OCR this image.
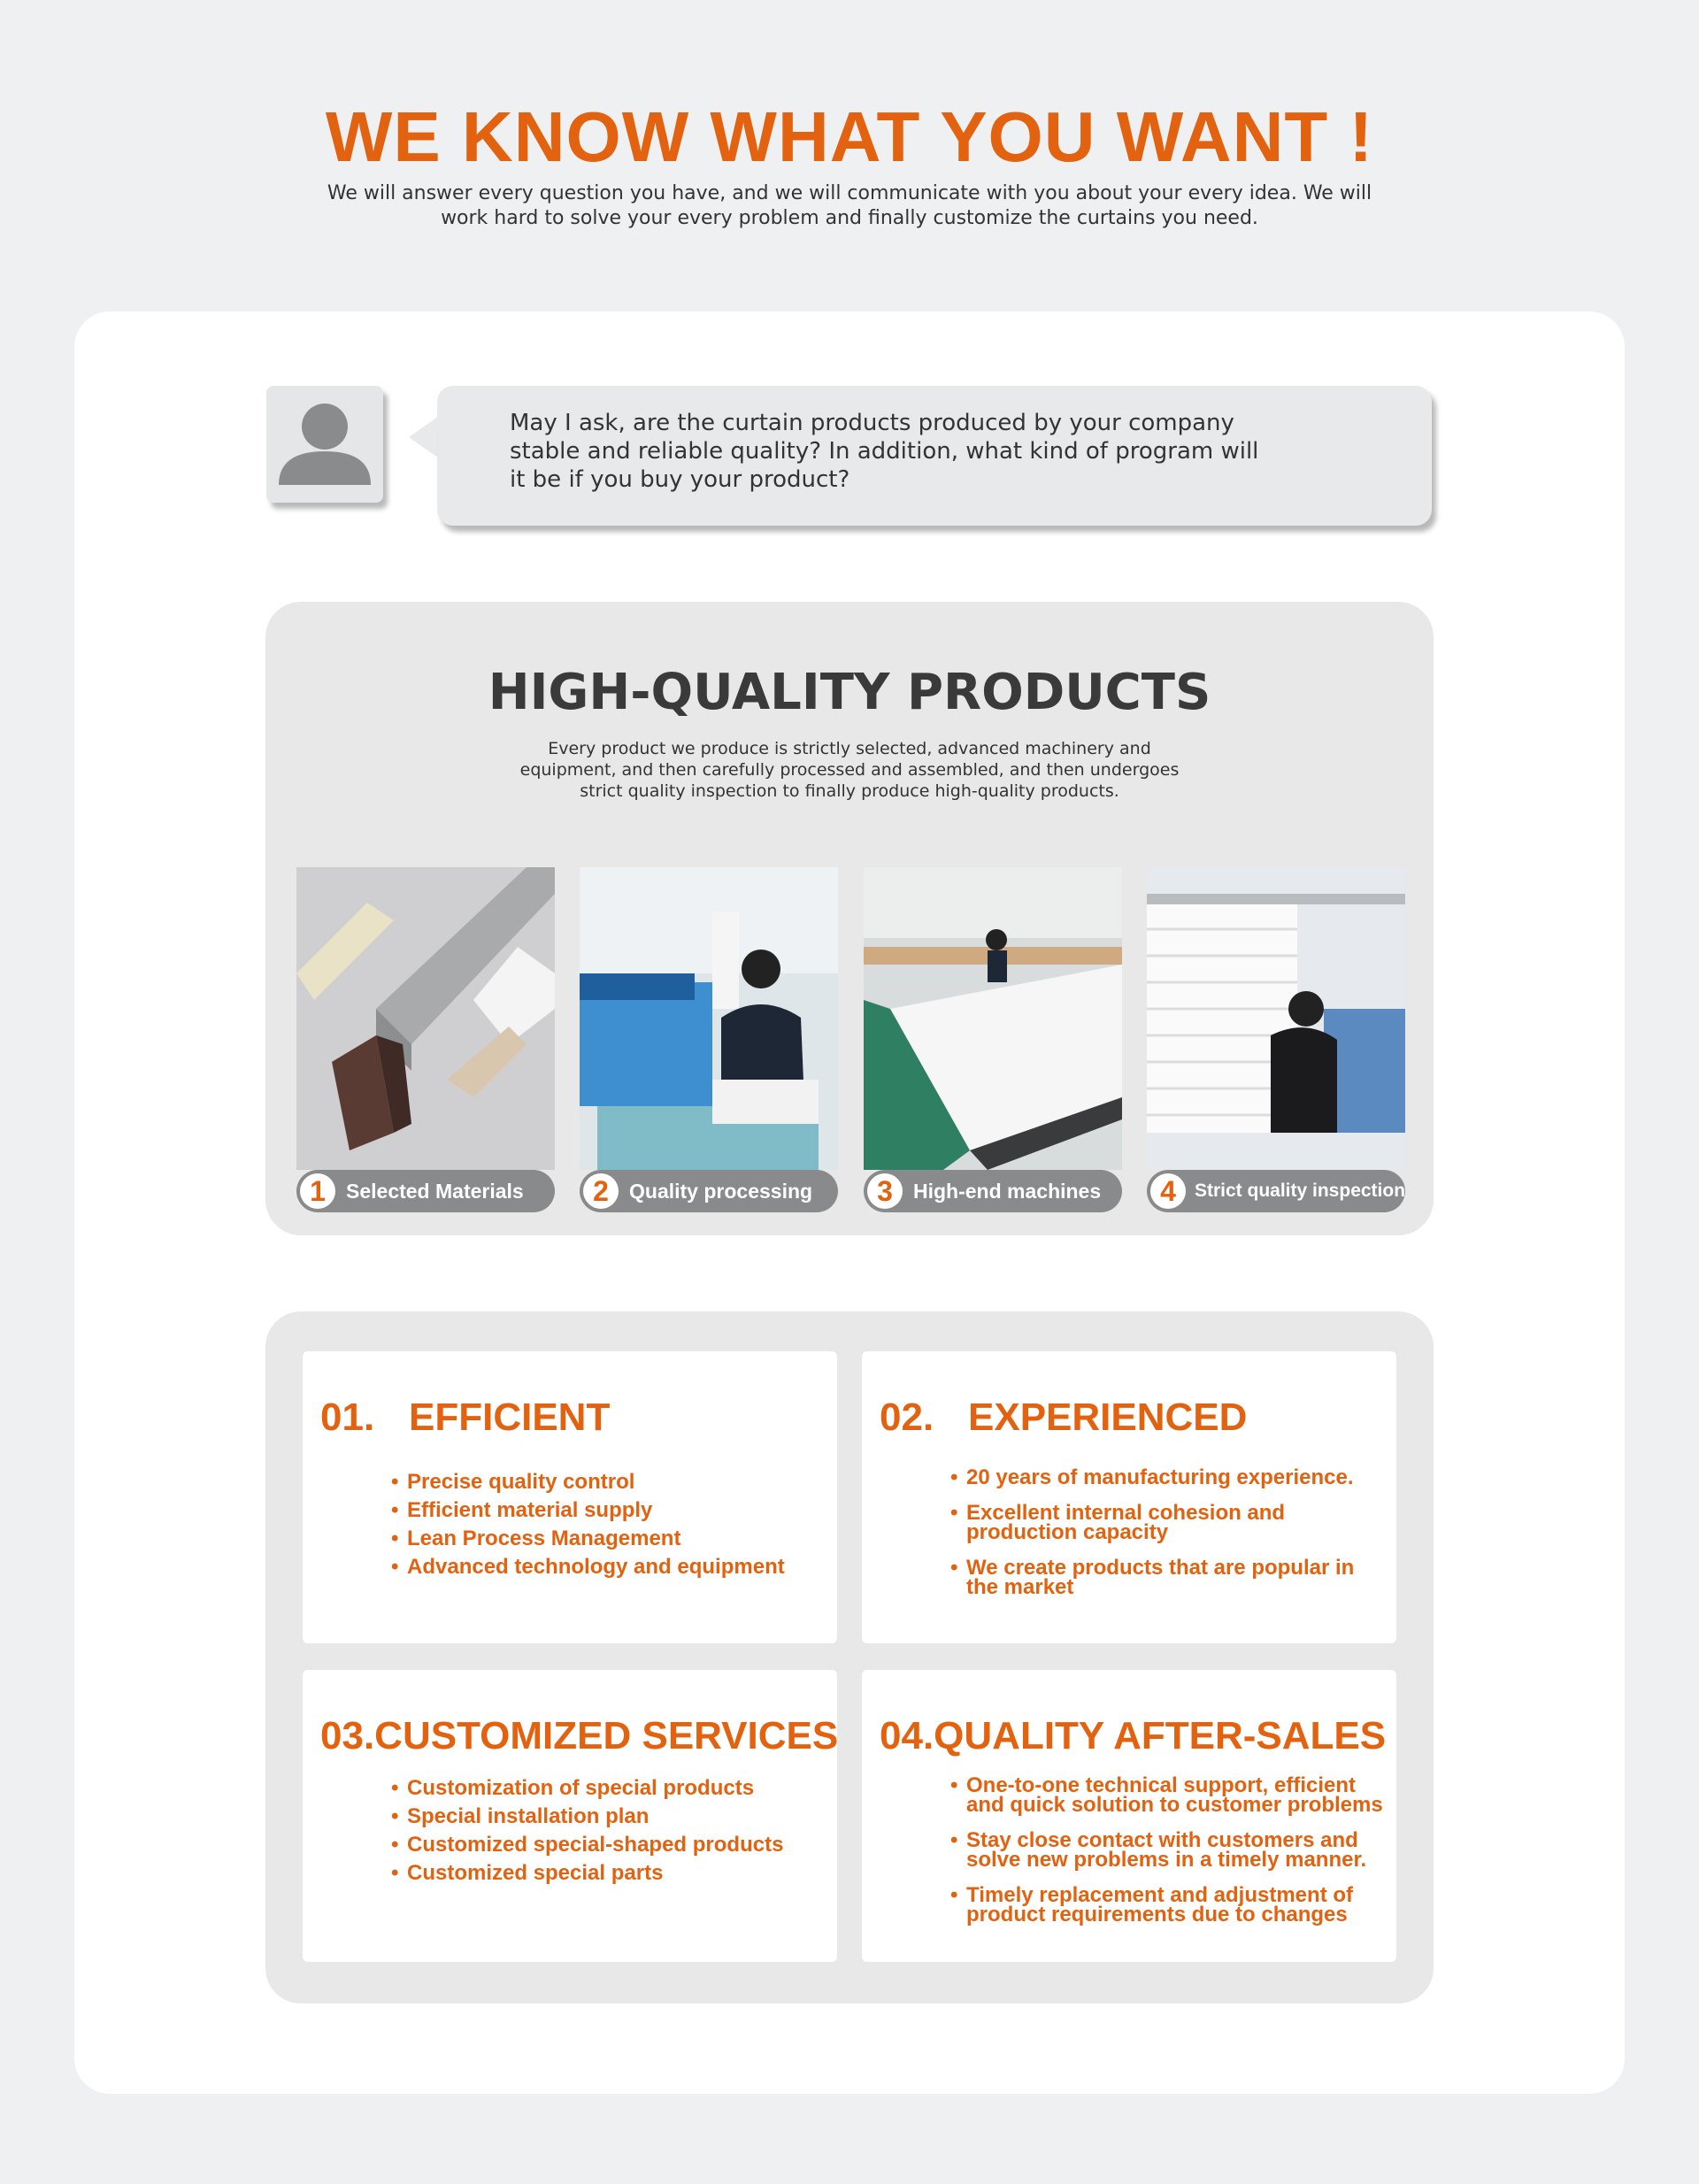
WE KNOW WHAT YOU WANT !
We will answer every question you have, and we will communicate with you about your every idea. We will
work hard to solve your every problem and finally customize the curtains you need.
May I ask, are the curtain products produced by your company
stable and reliable quality? In addition, what kind of program will
it be if you buy your product?
HIGH-QUALITY PRODUCTS
Every product we produce is strictly selected, advanced machinery and
equipment, and then carefully processed and assembled, and then undergoes
strict quality inspection to finally produce high-quality products.
1	Selected Materials	2	Quality processing	3	High-end machines	4	Strict quality inspection
01. EFFICIENT
• Precise quality control
• Efficient material supply
• Lean Process Management
• Advanced technology and equipment
02. EXPERIENCED
• 20 years of manufacturing experience.
• Excellent internal cohesion and production capacity
• We create products that are popular in the market
03.CUSTOMIZED SERVICES
• Customization of special products
• Special installation plan
• Customized special-shaped products
• Customized special parts
04.QUALITY AFTER-SALES
• One-to-one technical support, efficient and quick solution to customer problems
• Stay close contact with customers and solve new problems in a timely manner.
• Timely replacement and adjustment of product requirements due to changes
